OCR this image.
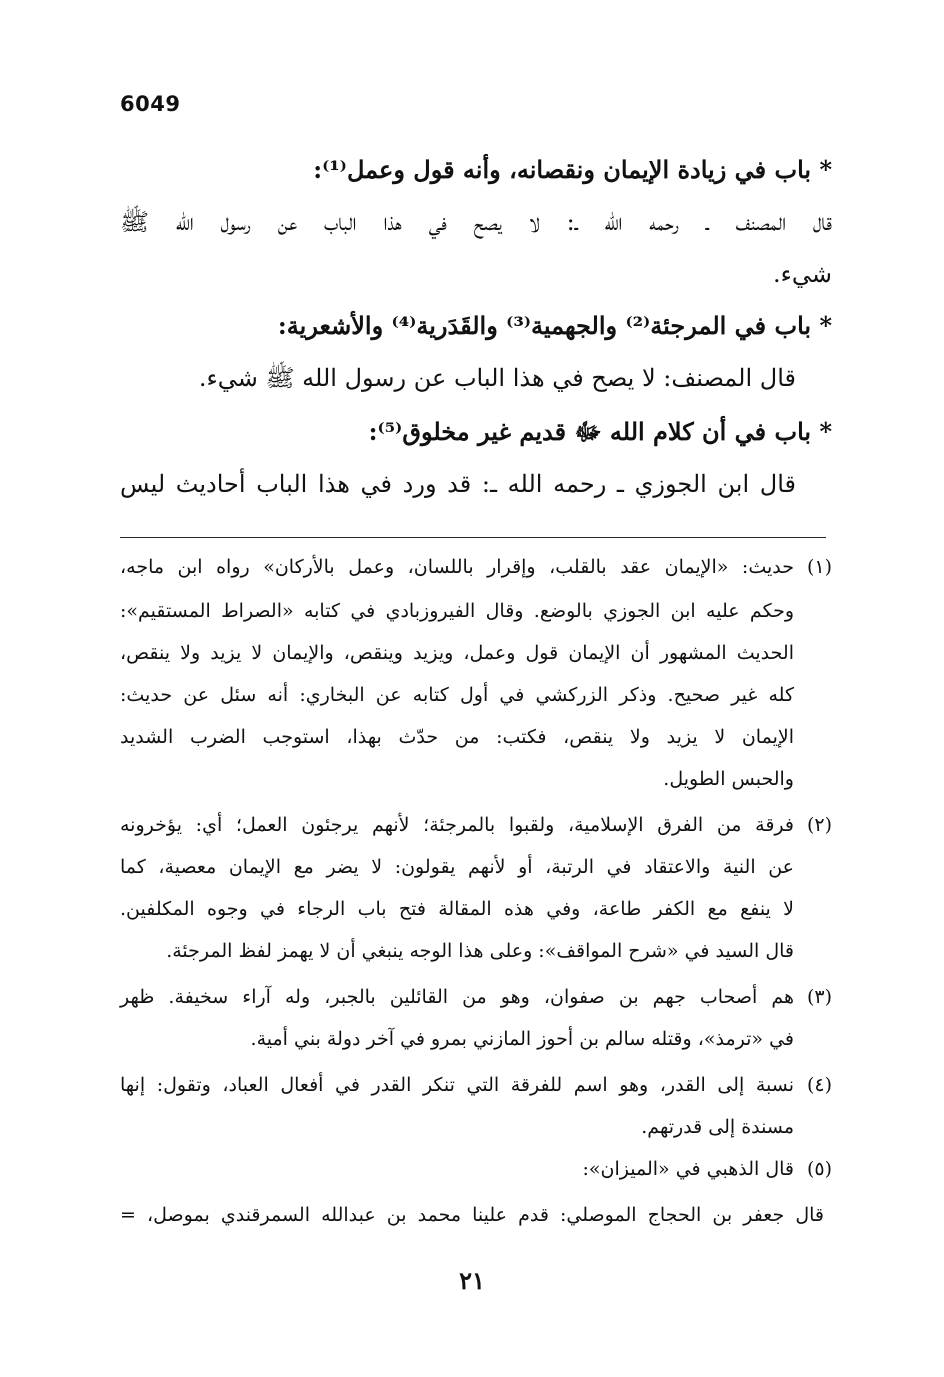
6049
* باب في زيادة الإيمان ونقصانه، وأنه قول وعمل⁽¹⁾:
قال المصنف ـ رحمه الله ـ: لا يصح في هذا الباب عن رسول الله ﷺ
شيء.
* باب في المرجئة⁽²⁾ والجهمية⁽³⁾ والقَدَرية⁽⁴⁾ والأشعرية:
قال المصنف: لا يصح في هذا الباب عن رسول الله ﷺ شيء.
* باب في أن كلام الله ﷻ قديم غير مخلوق⁽⁵⁾:
قال ابن الجوزي ـ رحمه الله ـ: قد ورد في هذا الباب أحاديث ليس
(١)
حديث: «الإيمان عقد بالقلب، وإقرار باللسان، وعمل بالأركان» رواه ابن ماجه،
وحكم عليه ابن الجوزي بالوضع. وقال الفيروزبادي في كتابه «الصراط المستقيم»:
الحديث المشهور أن الإيمان قول وعمل، ويزيد وينقص، والإيمان لا يزيد ولا ينقص،
كله غير صحيح. وذكر الزركشي في أول كتابه عن البخاري: أنه سئل عن حديث:
الإيمان لا يزيد ولا ينقص، فكتب: من حدّث بهذا، استوجب الضرب الشديد
والحبس الطويل.
(٢)
فرقة من الفرق الإسلامية، ولقبوا بالمرجئة؛ لأنهم يرجئون العمل؛ أي: يؤخرونه
عن النية والاعتقاد في الرتبة، أو لأنهم يقولون: لا يضر مع الإيمان معصية، كما
لا ينفع مع الكفر طاعة، وفي هذه المقالة فتح باب الرجاء في وجوه المكلفين.
قال السيد في «شرح المواقف»: وعلى هذا الوجه ينبغي أن لا يهمز لفظ المرجئة.
(٣)
هم أصحاب جهم بن صفوان، وهو من القائلين بالجبر، وله آراء سخيفة. ظهر
في «ترمذ»، وقتله سالم بن أحوز المازني بمرو في آخر دولة بني أمية.
(٤)
نسبة إلى القدر، وهو اسم للفرقة التي تنكر القدر في أفعال العباد، وتقول: إنها
مسندة إلى قدرتهم.
(٥)
قال الذهبي في «الميزان»:
قال جعفر بن الحجاج الموصلي: قدم علينا محمد بن عبدالله السمرقندي بموصل، =
٢١
